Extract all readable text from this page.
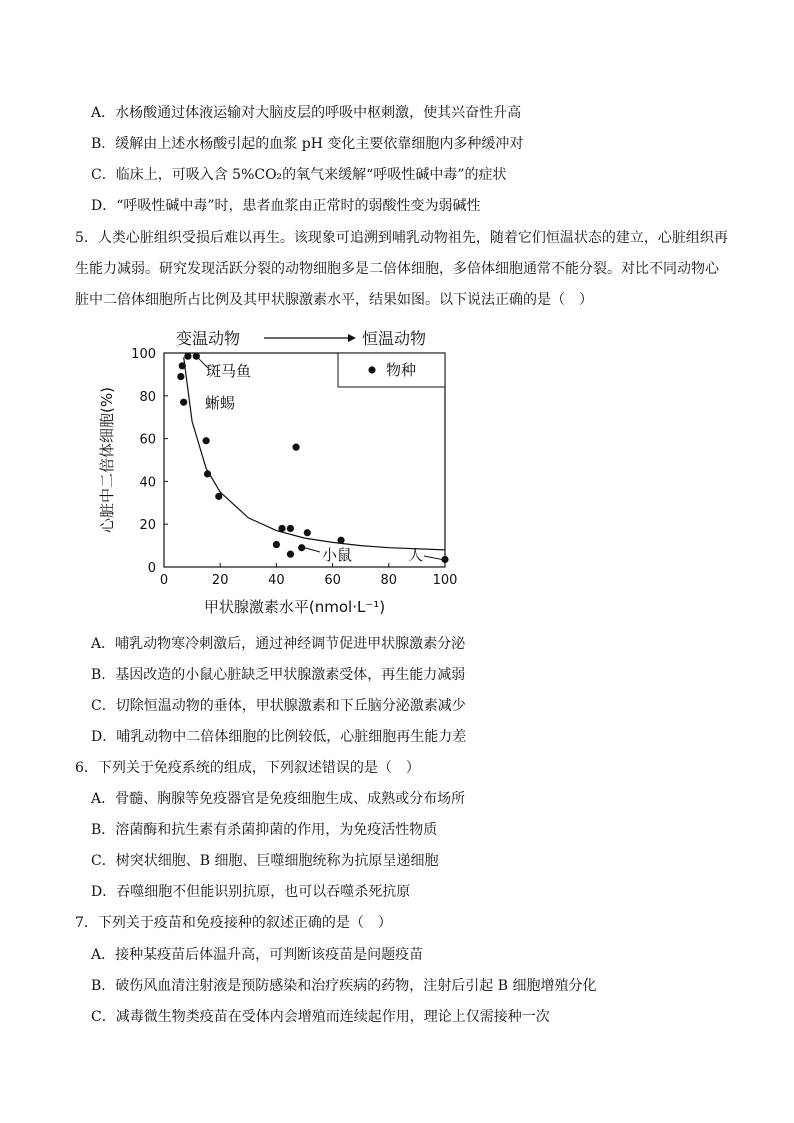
A．水杨酸通过体液运输对大脑皮层的呼吸中枢刺激，使其兴奋性升高
B．缓解由上述水杨酸引起的血浆 pH 变化主要依靠细胞内多种缓冲对
C．临床上，可吸入含 5%CO₂的氧气来缓解“呼吸性碱中毒”的症状
D．“呼吸性碱中毒”时，患者血浆由正常时的弱酸性变为弱碱性
5．人类心脏组织受损后难以再生。该现象可追溯到哺乳动物祖先，随着它们恒温状态的建立，心脏组织再
生能力减弱。研究发现活跃分裂的动物细胞多是二倍体细胞，多倍体细胞通常不能分裂。对比不同动物心
脏中二倍体细胞所占比例及其甲状腺激素水平，结果如图。以下说法正确的是（　）
0	20	40	60	80	100
0
20
40
60
80
100
物种
变温动物	恒温动物
斑马鱼
蜥蜴
小鼠	人
甲状腺激素水平(nmol·L⁻¹)
心脏中二倍体细胞(%)
A．哺乳动物寒冷刺激后，通过神经调节促进甲状腺激素分泌
B．基因改造的小鼠心脏缺乏甲状腺激素受体，再生能力减弱
C．切除恒温动物的垂体，甲状腺激素和下丘脑分泌激素减少
D．哺乳动物中二倍体细胞的比例较低，心脏细胞再生能力差
6．下列关于免疫系统的组成，下列叙述错误的是（　）
A．骨髓、胸腺等免疫器官是免疫细胞生成、成熟或分布场所
B．溶菌酶和抗生素有杀菌抑菌的作用，为免疫活性物质
C．树突状细胞、B 细胞、巨噬细胞统称为抗原呈递细胞
D．吞噬细胞不但能识别抗原，也可以吞噬杀死抗原
7．下列关于疫苗和免疫接种的叙述正确的是（　）
A．接种某疫苗后体温升高，可判断该疫苗是问题疫苗
B．破伤风血清注射液是预防感染和治疗疾病的药物，注射后引起 B 细胞增殖分化
C．减毒微生物类疫苗在受体内会增殖而连续起作用，理论上仅需接种一次
